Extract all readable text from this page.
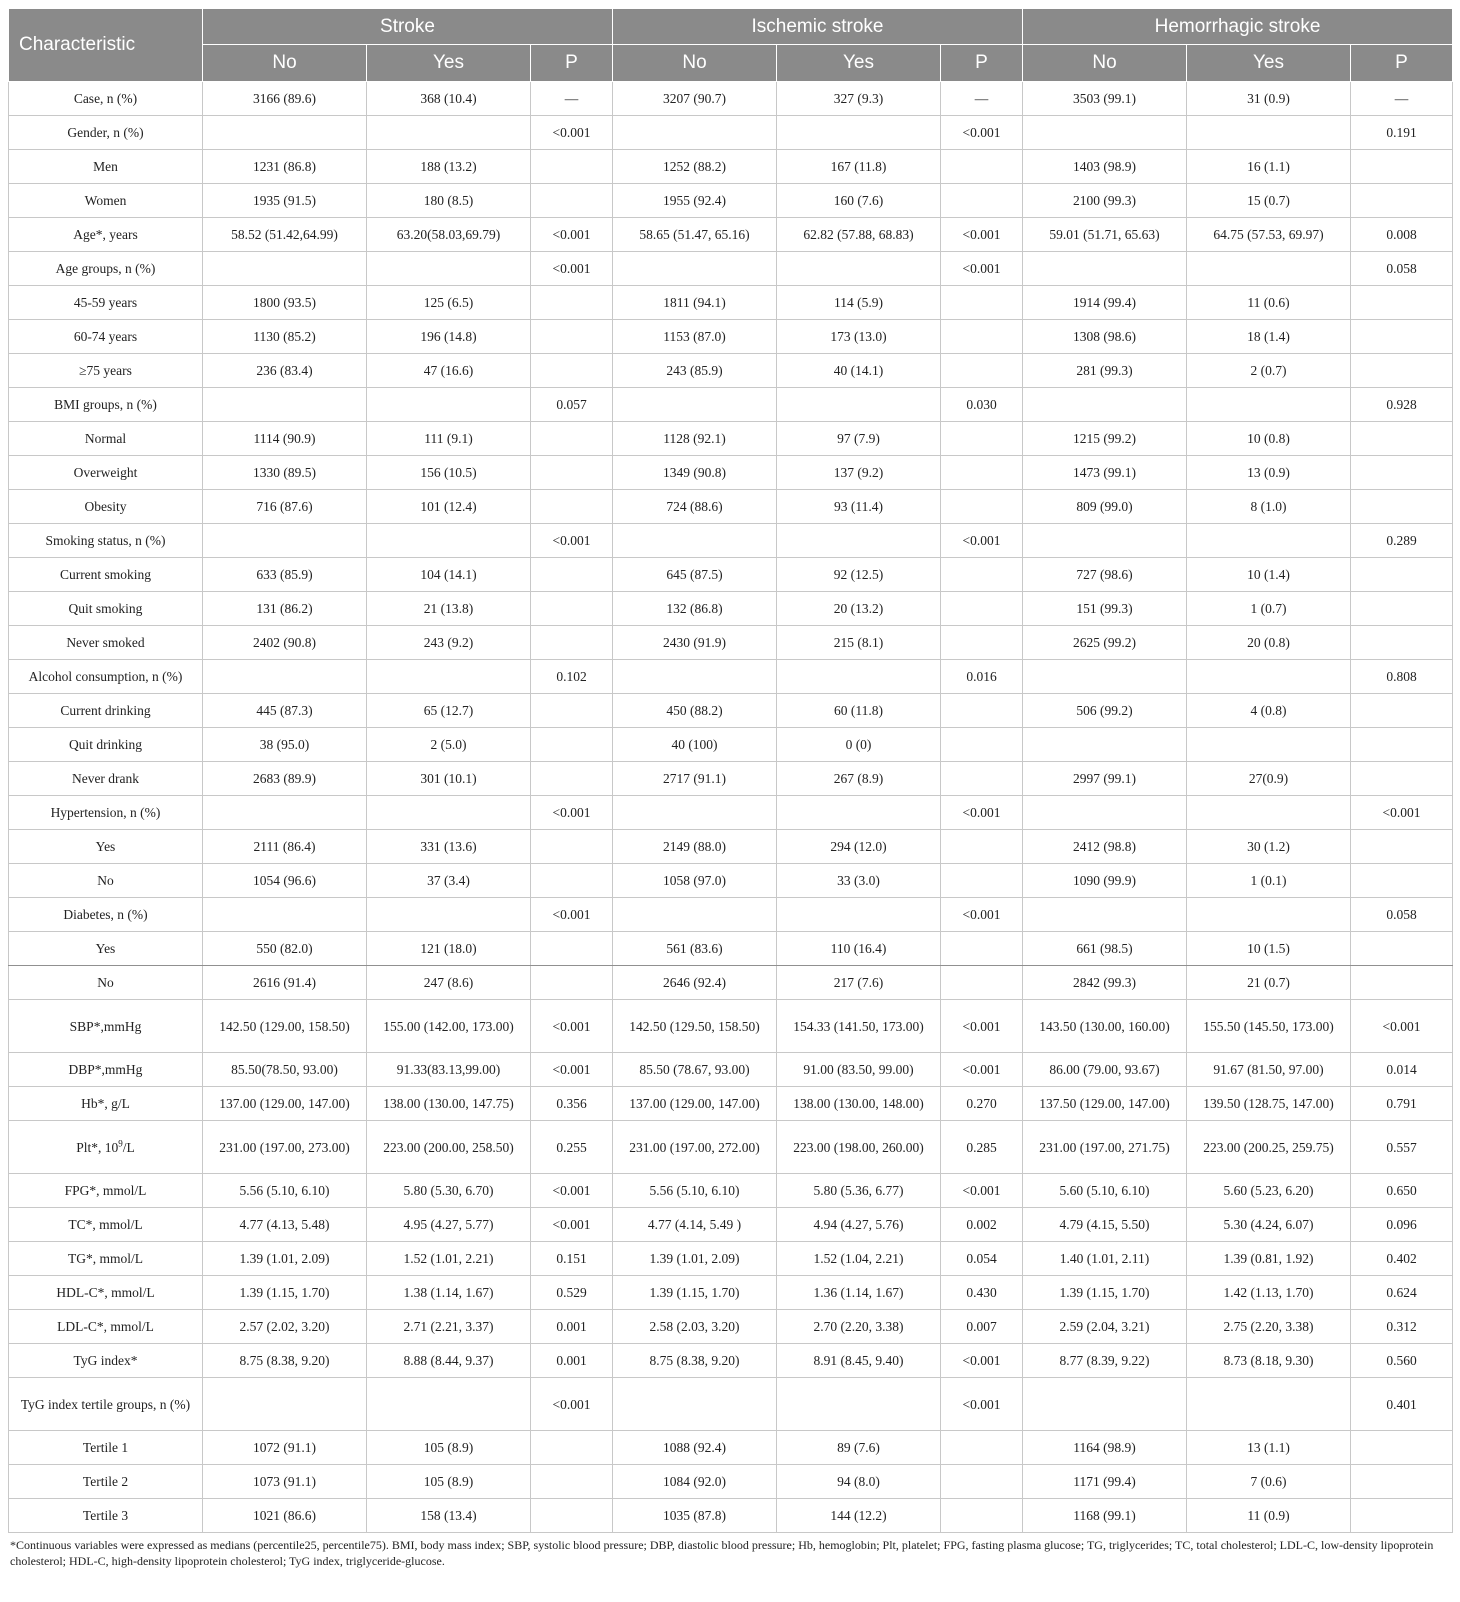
Characteristic	Stroke			Ischemic stroke			Hemorrhagic stroke		
	No	Yes	P	No	Yes	P	No	Yes	P
Case, n (%)	3166 (89.6)	368 (10.4)	—	3207 (90.7)	327 (9.3)	—	3503 (99.1)	31 (0.9)	—
Gender, n (%)			<0.001			<0.001			0.191
Men	1231 (86.8)	188 (13.2)		1252 (88.2)	167 (11.8)		1403 (98.9)	16 (1.1)	
Women	1935 (91.5)	180 (8.5)		1955 (92.4)	160 (7.6)		2100 (99.3)	15 (0.7)	
Age*, years	58.52 (51.42,64.99)	63.20(58.03,69.79)	<0.001	58.65 (51.47, 65.16)	62.82 (57.88, 68.83)	<0.001	59.01 (51.71, 65.63)	64.75 (57.53, 69.97)	0.008
Age groups, n (%)			<0.001			<0.001			0.058
45-59 years	1800 (93.5)	125 (6.5)		1811 (94.1)	114 (5.9)		1914 (99.4)	11 (0.6)	
60-74 years	1130 (85.2)	196 (14.8)		1153 (87.0)	173 (13.0)		1308 (98.6)	18 (1.4)	
≥75 years	236 (83.4)	47 (16.6)		243 (85.9)	40 (14.1)		281 (99.3)	2 (0.7)	
BMI groups, n (%)			0.057			0.030			0.928
Normal	1114 (90.9)	111 (9.1)		1128 (92.1)	97 (7.9)		1215 (99.2)	10 (0.8)	
Overweight	1330 (89.5)	156 (10.5)		1349 (90.8)	137 (9.2)		1473 (99.1)	13 (0.9)	
Obesity	716 (87.6)	101 (12.4)		724 (88.6)	93 (11.4)		809 (99.0)	8 (1.0)	
Smoking status, n (%)			<0.001			<0.001			0.289
Current smoking	633 (85.9)	104 (14.1)		645 (87.5)	92 (12.5)		727 (98.6)	10 (1.4)	
Quit smoking	131 (86.2)	21 (13.8)		132 (86.8)	20 (13.2)		151 (99.3)	1 (0.7)	
Never smoked	2402 (90.8)	243 (9.2)		2430 (91.9)	215 (8.1)		2625 (99.2)	20 (0.8)	
Alcohol consumption, n (%)			0.102			0.016			0.808
Current drinking	445 (87.3)	65 (12.7)		450 (88.2)	60 (11.8)		506 (99.2)	4 (0.8)	
Quit drinking	38 (95.0)	2 (5.0)		40 (100)	0 (0)				
Never drank	2683 (89.9)	301 (10.1)		2717 (91.1)	267 (8.9)		2997 (99.1)	27(0.9)	
Hypertension, n (%)			<0.001			<0.001			<0.001
Yes	2111 (86.4)	331 (13.6)		2149 (88.0)	294 (12.0)		2412 (98.8)	30 (1.2)	
No	1054 (96.6)	37 (3.4)		1058 (97.0)	33 (3.0)		1090 (99.9)	1 (0.1)	
Diabetes, n (%)			<0.001			<0.001			0.058
Yes	550 (82.0)	121 (18.0)		561 (83.6)	110 (16.4)		661 (98.5)	10 (1.5)	
No	2616 (91.4)	247 (8.6)		2646 (92.4)	217 (7.6)		2842 (99.3)	21 (0.7)	
SBP*,mmHg	142.50 (129.00, 158.50)	155.00 (142.00, 173.00)	<0.001	142.50 (129.50, 158.50)	154.33 (141.50, 173.00)	<0.001	143.50 (130.00, 160.00)	155.50 (145.50, 173.00)	<0.001
DBP*,mmHg	85.50(78.50, 93.00)	91.33(83.13,99.00)	<0.001	85.50 (78.67, 93.00)	91.00 (83.50, 99.00)	<0.001	86.00 (79.00, 93.67)	91.67 (81.50, 97.00)	0.014
Hb*, g/L	137.00 (129.00, 147.00)	138.00 (130.00, 147.75)	0.356	137.00 (129.00, 147.00)	138.00 (130.00, 148.00)	0.270	137.50 (129.00, 147.00)	139.50 (128.75, 147.00)	0.791
Plt*, $10^9/L$	231.00 (197.00, 273.00)	223.00 (200.00, 258.50)	0.255	231.00 (197.00, 272.00)	223.00 (198.00, 260.00)	0.285	231.00 (197.00, 271.75)	223.00 (200.25, 259.75)	0.557
FPG*, mmol/L	5.56 (5.10, 6.10)	5.80 (5.30, 6.70)	<0.001	5.56 (5.10, 6.10)	5.80 (5.36, 6.77)	<0.001	5.60 (5.10, 6.10)	5.60 (5.23, 6.20)	0.650
TC*, mmol/L	4.77 (4.13, 5.48)	4.95 (4.27, 5.77)	<0.001	4.77 (4.14, 5.49 )	4.94 (4.27, 5.76)	0.002	4.79 (4.15, 5.50)	5.30 (4.24, 6.07)	0.096
TG*, mmol/L	1.39 (1.01, 2.09)	1.52 (1.01, 2.21)	0.151	1.39 (1.01, 2.09)	1.52 (1.04, 2.21)	0.054	1.40 (1.01, 2.11)	1.39 (0.81, 1.92)	0.402
HDL-C*, mmol/L	1.39 (1.15, 1.70)	1.38 (1.14, 1.67)	0.529	1.39 (1.15, 1.70)	1.36 (1.14, 1.67)	0.430	1.39 (1.15, 1.70)	1.42 (1.13, 1.70)	0.624
LDL-C*, mmol/L	2.57 (2.02, 3.20)	2.71 (2.21, 3.37)	0.001	2.58 (2.03, 3.20)	2.70 (2.20, 3.38)	0.007	2.59 (2.04, 3.21)	2.75 (2.20, 3.38)	0.312
TyG index*	8.75 (8.38, 9.20)	8.88 (8.44, 9.37)	0.001	8.75 (8.38, 9.20)	8.91 (8.45, 9.40)	<0.001	8.77 (8.39, 9.22)	8.73 (8.18, 9.30)	0.560
TyG index tertile groups, n (%)			<0.001			<0.001			0.401
Tertile 1	1072 (91.1)	105 (8.9)		1088 (92.4)	89 (7.6)		1164 (98.9)	13 (1.1)	
Tertile 2	1073 (91.1)	105 (8.9)		1084 (92.0)	94 (8.0)		1171 (99.4)	7 (0.6)	
Tertile 3	1021 (86.6)	158 (13.4)		1035 (87.8)	144 (12.2)		1168 (99.1)	11 (0.9)	
*Continuous variables were expressed as medians (percentile25, percentile75). BMI, body mass index; SBP, systolic blood pressure; DBP, diastolic blood pressure; Hb, hemoglobin; Plt, platelet; FPG, fasting plasma glucose; TG, triglycerides; TC, total cholesterol; LDL-C, low-density lipoprotein cholesterol; HDL-C, high-density lipoprotein cholesterol; TyG index, triglyceride-glucose.
